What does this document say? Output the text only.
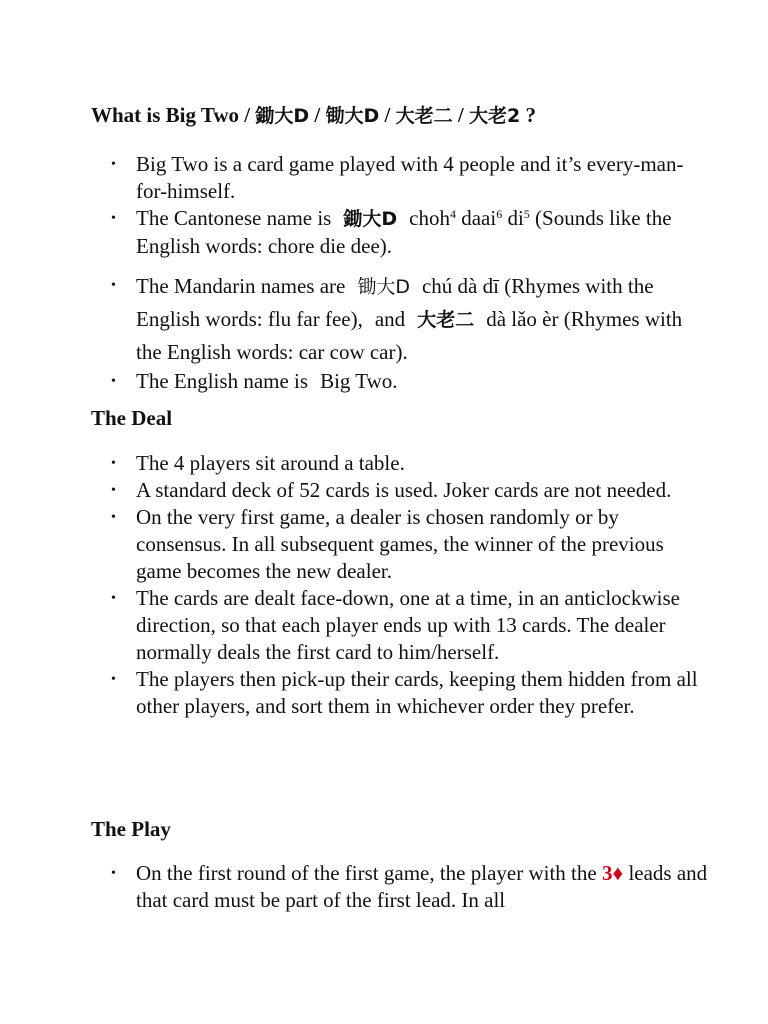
What is Big Two / 鋤大D / 锄大D / 大老二 / 大老2 ?
• Big Two is a card game played with 4 people and it’s every-man-for-himself.
• The Cantonese name is 鋤大D choh$^4$ daai$^6$ $di^5$ (Sounds like the English words: chore die dee).
• The Mandarin names are 锄大D chú dà dī (Rhymes with the English words: flu far fee), and 大老二 dà lǎo èr (Rhymes with the English words: car cow car).
• The English name is Big Two.
The Deal
• The 4 players sit around a table.
• A standard deck of 52 cards is used. Joker cards are not needed.
• On the very first game, a dealer is chosen randomly or by consensus. In all subsequent games, the winner of the previous game becomes the new dealer.
• The cards are dealt face-down, one at a time, in an anticlockwise direction, so that each player ends up with 13 cards. The dealer normally deals the first card to him/herself.
• The players then pick-up their cards, keeping them hidden from all other players, and sort them in whichever order they prefer.
The Play
• On the first round of the first game, the player with the 3♦ leads and that card must be part of the first lead. In all
